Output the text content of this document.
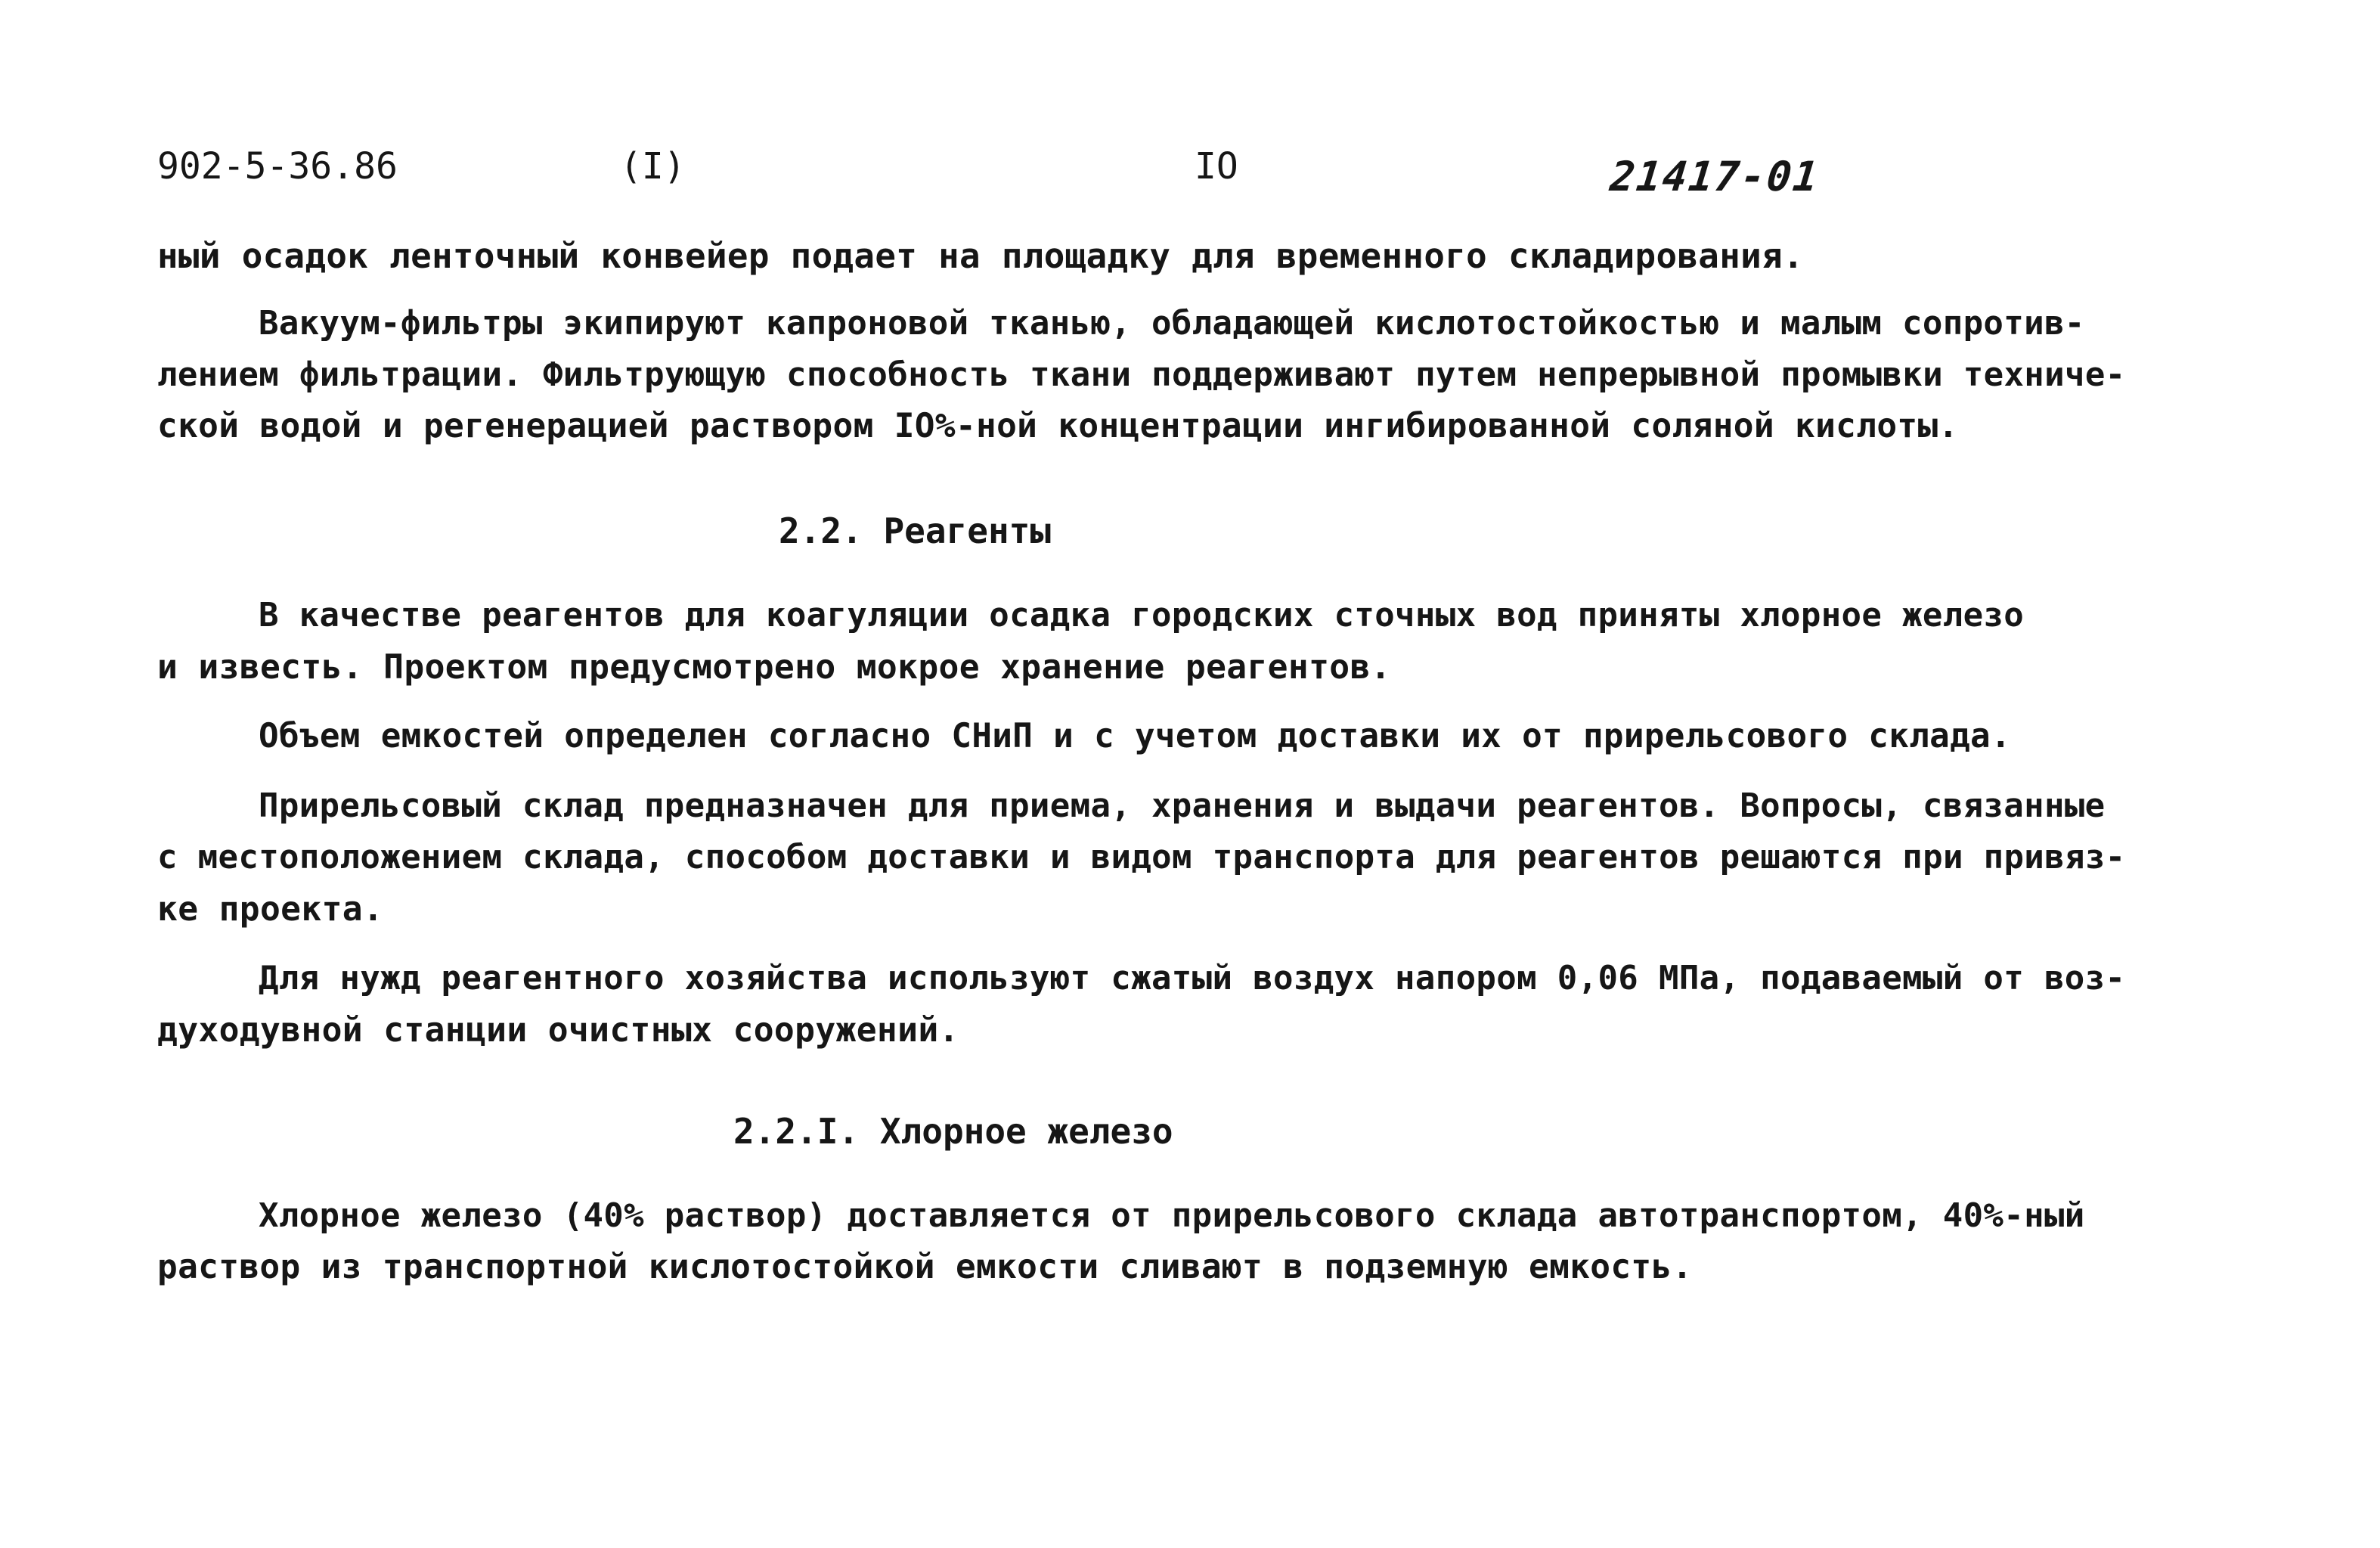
902-5-36.86	(I)	IO	21417-01
ный осадок ленточный конвейер подает на площадку для временного складирования.
Вакуум-фильтры экипируют капроновой тканью, обладающей кислотостойкостью и малым сопротив-
лением фильтрации. Фильтрующую способность ткани поддерживают путем непрерывной промывки техниче-
ской водой и регенерацией раствором IO%-ной концентрации ингибированной соляной кислоты.
2.2. Реагенты
В качестве реагентов для коагуляции осадка городских сточных вод приняты хлорное железо
и известь. Проектом предусмотрено мокрое хранение реагентов.
Объем емкостей определен согласно СНиП и с учетом доставки их от прирельсового склада.
Прирельсовый склад предназначен для приема, хранения и выдачи реагентов. Вопросы, связанные
с местоположением склада, способом доставки и видом транспорта для реагентов решаются при привяз-
ке проекта.
Для нужд реагентного хозяйства используют сжатый воздух напором 0,06 МПа, подаваемый от воз-
духодувной станции очистных сооружений.
2.2.I. Хлорное железо
Хлорное железо (40% раствор) доставляется от прирельсового склада автотранспортом, 40%-ный
раствор из транспортной кислотостойкой емкости сливают в подземную емкость.
